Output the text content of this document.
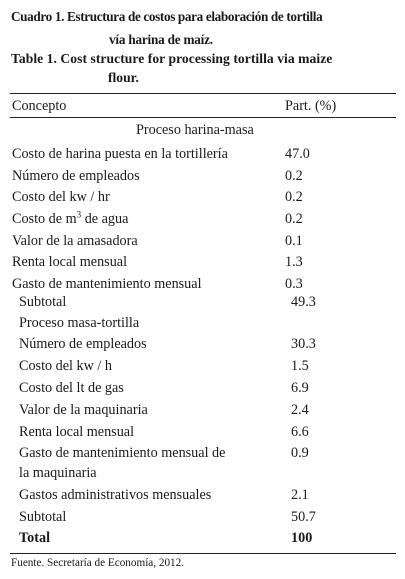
Cuadro 1. Estructura de costos para elaboración de tortilla
vía harina de maíz.
Table 1. Cost structure for processing tortilla via maize
flour.
Concepto	Part. (%)
Proceso harina-masa
Costo de harina puesta en la tortillería	47.0
Número de empleados	0.2
Costo del kw / hr	0.2
Costo de $m^3$ de agua	0.2
Valor de la amasadora	0.1
Renta local mensual	1.3
Gasto de mantenimiento mensual	0.3
Subtotal	49.3
Proceso masa-tortilla
Número de empleados	30.3
Costo del kw / h	1.5
Costo del lt de gas	6.9
Valor de la maquinaria	2.4
Renta local mensual	6.6
Gasto de mantenimiento mensual de	0.9
la maquinaria
Gastos administrativos mensuales	2.1
Subtotal	50.7
Total	100
Fuente. Secretaría de Economía, 2012.
